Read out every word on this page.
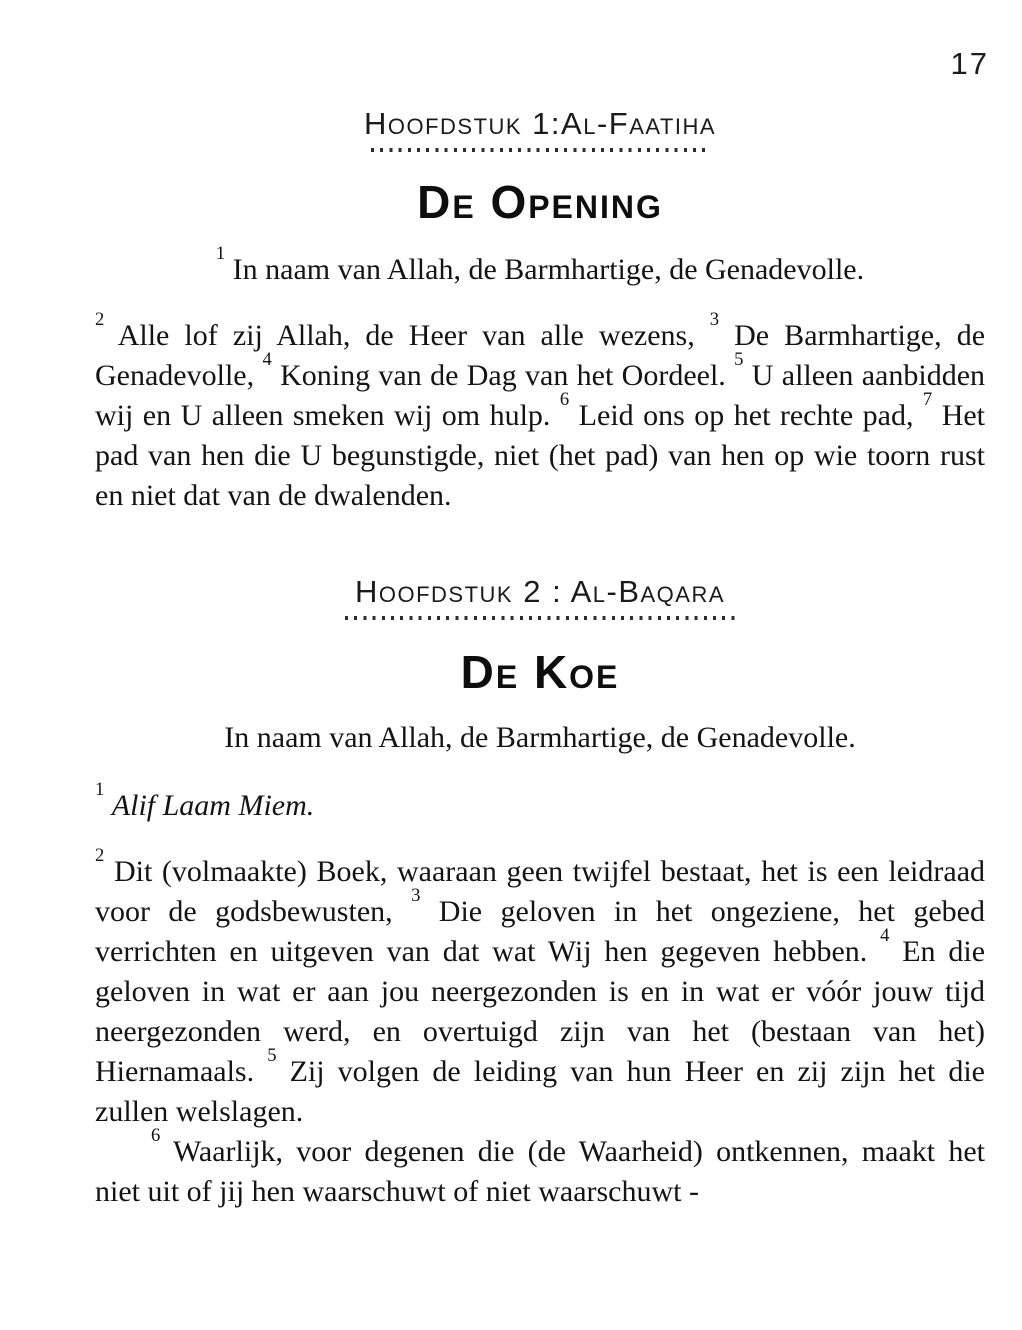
17
Hoofdstuk 1:Al-Faatiha
De Opening

$^1$ In naam van Allah, de Barmhartige, de Genadevolle.

$^2$ Alle lof zij Allah, de Heer van alle wezens, $^3$ De Barmhartige, de Genadevolle, $^4$ Koning van de Dag van het Oordeel. $^5$ U alleen aanbidden wij en U alleen smeken wij om hulp. $^6$ Leid ons op het rechte pad, $^7$ Het pad van hen die U begunstigde, niet (het pad) van hen op wie toorn rust en niet dat van de dwalenden.

Hoofdstuk 2 : Al-Baqara
De Koe

In naam van Allah, de Barmhartige, de Genadevolle.

$^1$ Alif Laam Miem.

$^2$ Dit (volmaakte) Boek, waaraan geen twijfel bestaat, het is een leidraad voor de godsbewusten, $^3$ Die geloven in het ongeziene, het gebed verrichten en uitgeven van dat wat Wij hen gegeven hebben. $^4$ En die geloven in wat er aan jou neergezonden is en in wat er vóór jouw tijd neergezonden werd, en overtuigd zijn van het (bestaan van het) Hiernamaals. $^5$ Zij volgen de leiding van hun Heer en zij zijn het die zullen welslagen.

$^6$ Waarlijk, voor degenen die (de Waarheid) ontkennen, maakt het niet uit of jij hen waarschuwt of niet waarschuwt -
